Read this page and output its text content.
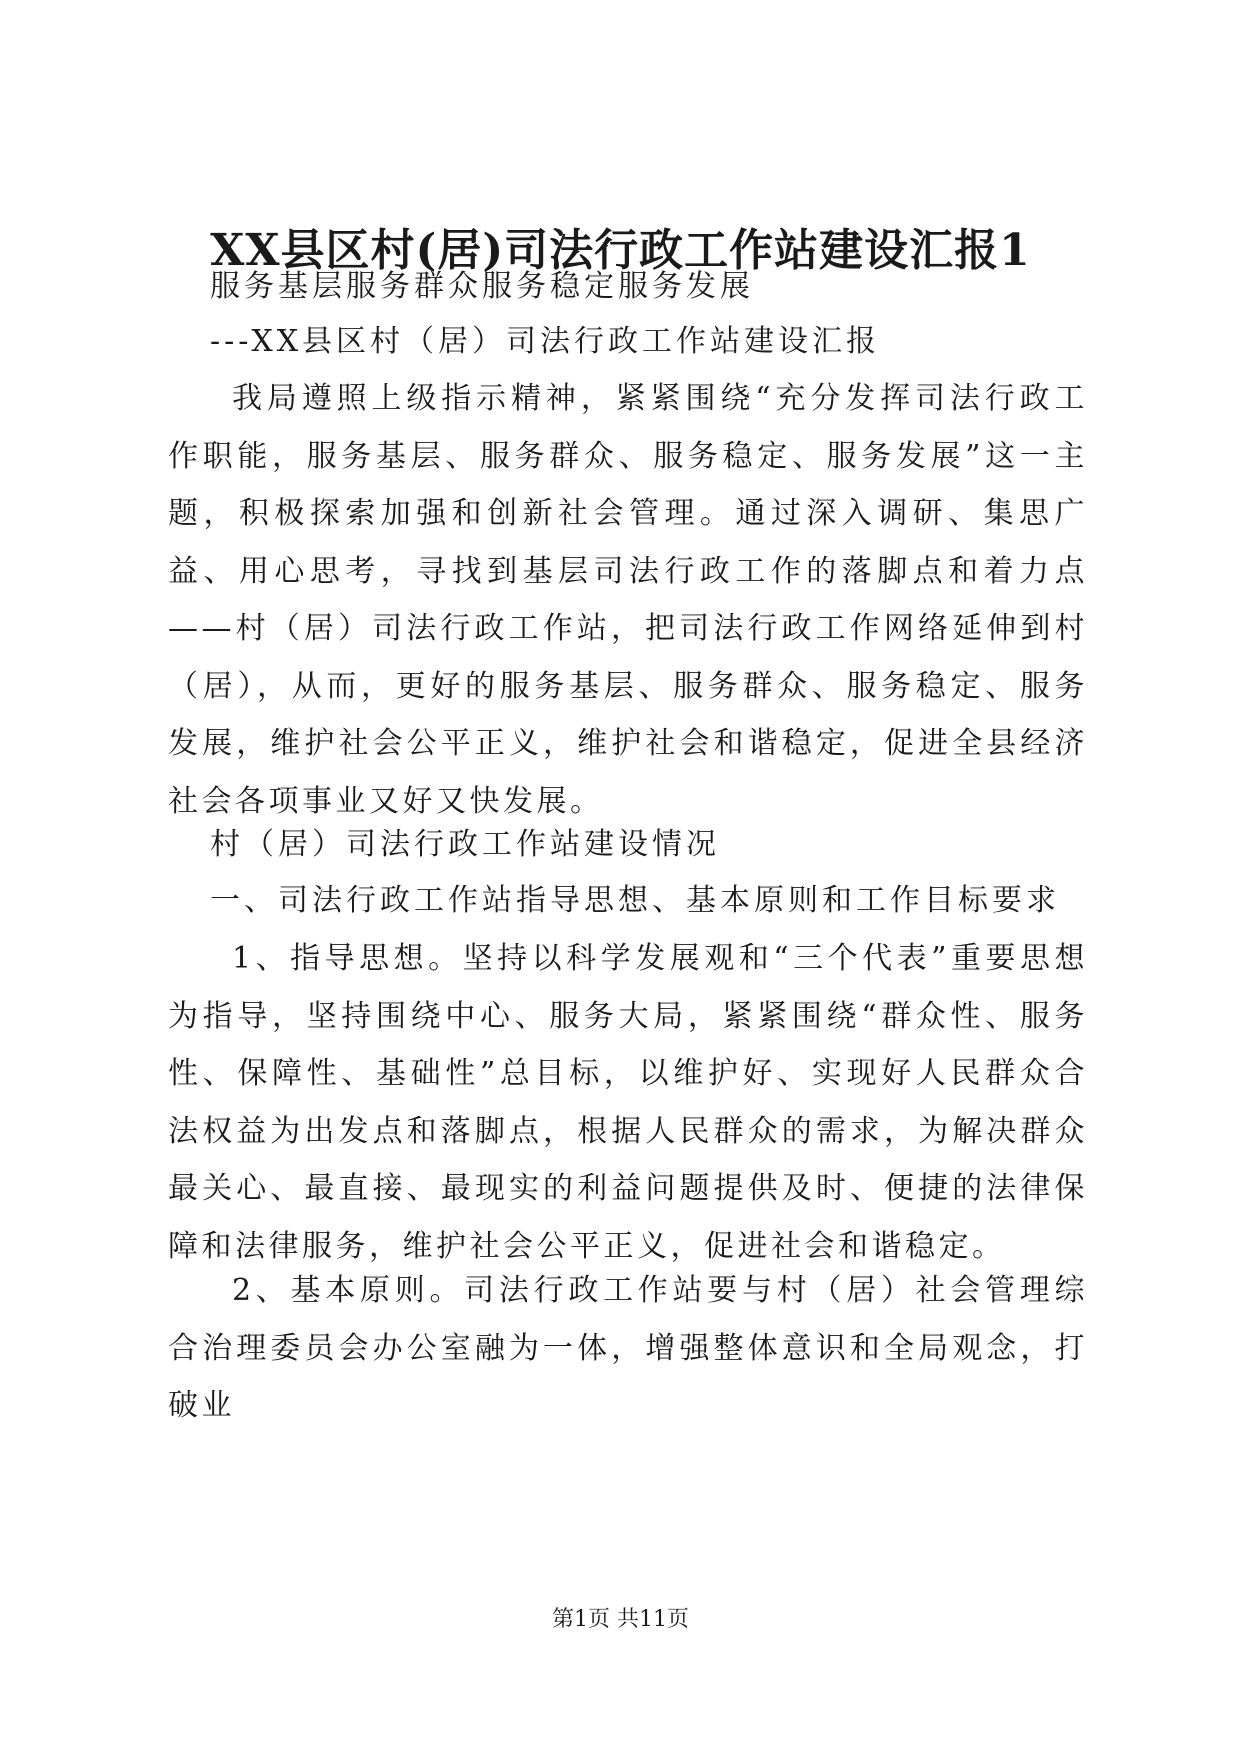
XX县区村(居)司法行政工作站建设汇报1

服务基层服务群众服务稳定服务发展

---XX县区村（居）司法行政工作站建设汇报

我局遵照上级指示精神，紧紧围绕“充分发挥司法行政工作职能，服务基层、服务群众、服务稳定、服务发展”这一主题，积极探索加强和创新社会管理。通过深入调研、集思广益、用心思考，寻找到基层司法行政工作的落脚点和着力点——村（居）司法行政工作站，把司法行政工作网络延伸到村（居），从而，更好的服务基层、服务群众、服务稳定、服务发展，维护社会公平正义，维护社会和谐稳定，促进全县经济社会各项事业又好又快发展。

村（居）司法行政工作站建设情况

一、司法行政工作站指导思想、基本原则和工作目标要求

1、指导思想。坚持以科学发展观和“三个代表”重要思想为指导，坚持围绕中心、服务大局，紧紧围绕“群众性、服务性、保障性、基础性”总目标，以维护好、实现好人民群众合法权益为出发点和落脚点，根据人民群众的需求，为解决群众最关心、最直接、最现实的利益问题提供及时、便捷的法律保障和法律服务，维护社会公平正义，促进社会和谐稳定。

2、基本原则。司法行政工作站要与村（居）社会管理综合治理委员会办公室融为一体，增强整体意识和全局观念，打破业

第1页 共11页
